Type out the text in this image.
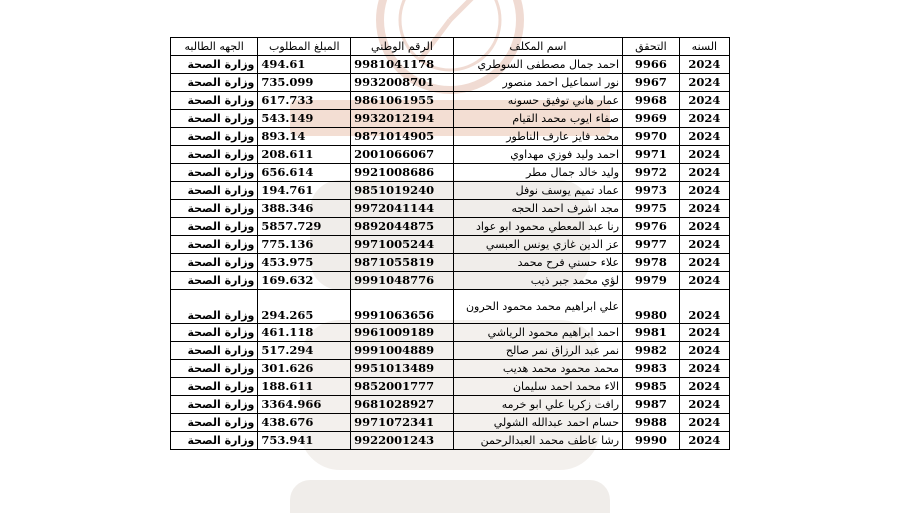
السنه	التحقق	اسم المكلف	الرقم الوطني	المبلغ المطلوب	الجهه الطالبه
2024	9966	احمد جمال مصطفى السوطري	9981041178	494.61	وزارة الصحة
2024	9967	نور اسماعيل احمد منصور	9932008701	735.099	وزارة الصحة
2024	9968	عمار هاني توفيق حسونه	9861061955	617.733	وزارة الصحة
2024	9969	صفاء ايوب محمد القيام	9932012194	543.149	وزارة الصحة
2024	9970	محمد فايز عارف الناطور	9871014905	893.14	وزارة الصحة
2024	9971	احمد وليد فوزي مهداوي	2001066067	208.611	وزارة الصحة
2024	9972	وليد خالد جمال مطر	9921008686	656.614	وزارة الصحة
2024	9973	عماد تميم يوسف نوفل	9851019240	194.761	وزارة الصحة
2024	9975	مجد اشرف احمد الحجه	9972041144	388.346	وزارة الصحة
2024	9976	رنا عبد المعطي محمود ابو عواد	9892044875	5857.729	وزارة الصحة
2024	9977	عز الدين غازي يونس العبسي	9971005244	775.136	وزارة الصحة
2024	9978	علاء حسني فرح محمد	9871055819	453.975	وزارة الصحة
2024	9979	لؤي محمد جبر ذيب	9991048776	169.632	وزارة الصحة
2024	9980	علي ابراهيم محمد محمود الحرون	9991063656	294.265	وزارة الصحة
2024	9981	احمد ابراهيم محمود الرياشي	9961009189	461.118	وزارة الصحة
2024	9982	نمر عبد الرزاق نمر صالح	9991004889	517.294	وزارة الصحة
2024	9983	محمد محمود محمد هديب	9951013489	301.626	وزارة الصحة
2024	9985	الاء محمد احمد سليمان	9852001777	188.611	وزارة الصحة
2024	9987	رافت زكريا علي ابو خرمه	9681028927	3364.966	وزارة الصحة
2024	9988	حسام احمد عبدالله الشولي	9971072341	438.676	وزارة الصحة
2024	9990	رشا عاطف محمد العبدالرحمن	9922001243	753.941	وزارة الصحة
